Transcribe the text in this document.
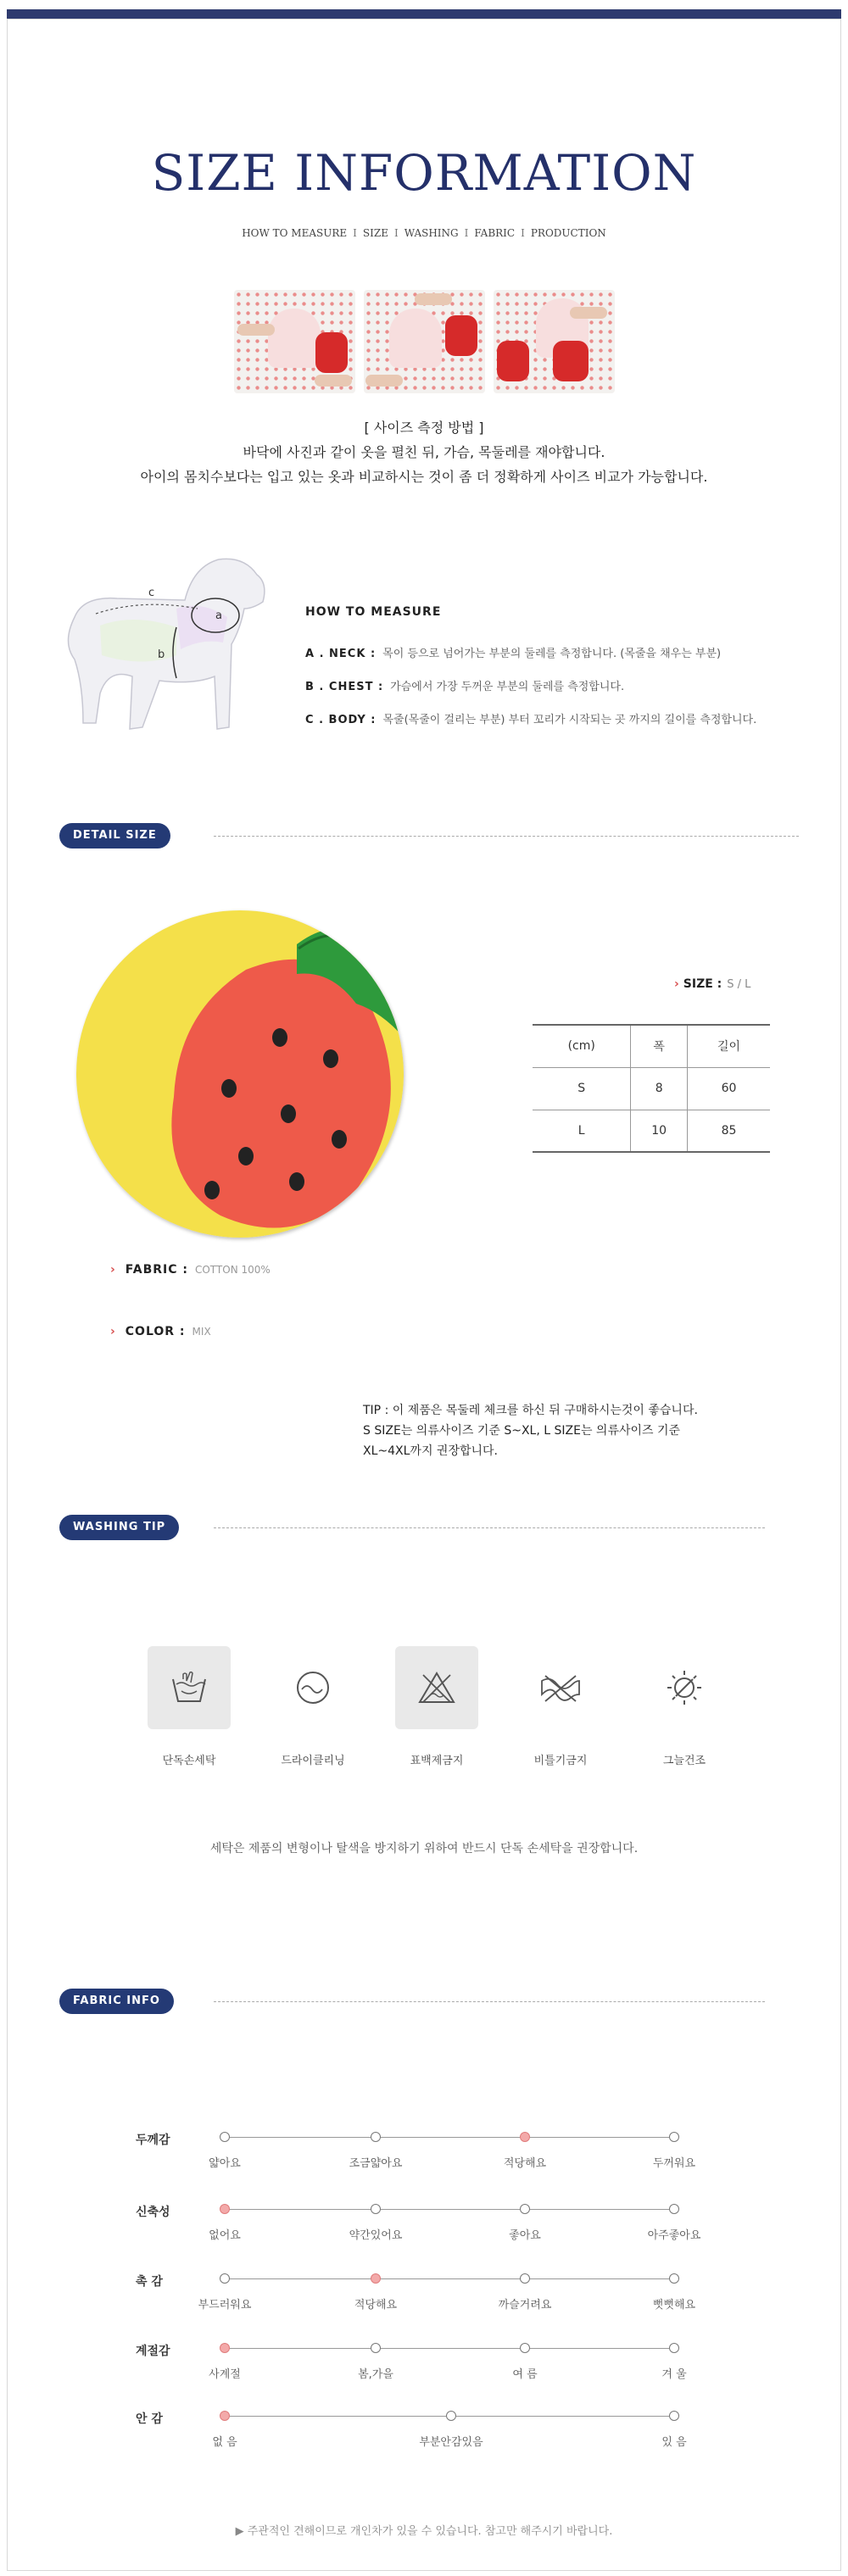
SIZE INFORMATION
HOW TO MEASURE I SIZE I WASHING I FABRIC I PRODUCTION
[ 사이즈 측정 방법 ]
바닥에 사진과 같이 옷을 펼친 뒤, 가슴, 목둘레를 재야합니다.
아이의 몸치수보다는 입고 있는 옷과 비교하시는 것이 좀 더 정확하게 사이즈 비교가 가능합니다.
c
a
b
HOW TO MEASURE
A . NECK : 목이 등으로 넘어가는 부분의 둘레를 측정합니다. (목줄을 채우는 부분)
B . CHEST : 가슴에서 가장 두꺼운 부분의 둘레를 측정합니다.
C . BODY : 목줄(목줄이 걸리는 부분) 부터 꼬리가 시작되는 곳 까지의 길이를 측정합니다.
DETAIL SIZE
› SIZE : S / L
(cm)	폭	길이
S	8	60
L	10	85
› FABRIC : COTTON 100%
› COLOR : MIX
TIP : 이 제품은 목둘레 체크를 하신 뒤 구매하시는것이 좋습니다.
S SIZE는 의류사이즈 기준 S~XL, L SIZE는 의류사이즈 기준
XL~4XL까지 권장합니다.
WASHING TIP
단독손세탁	드라이클리닝	표백제금지	비틀기금지	그늘건조
세탁은 제품의 변형이나 탈색을 방지하기 위하여 반드시 단독 손세탁을 권장합니다.
FABRIC INFO
두께감
얇아요	조금얇아요	적당해요	두꺼워요
신축성
없어요	약간있어요	좋아요	아주좋아요
촉 감
부드러워요	적당해요	까슬거려요	뻣뻣해요
계절감
사계절	봄,가을	여 름	겨 울
안 감
없 음	부분안감있음	있 음
▶ 주관적인 견해이므로 개인차가 있을 수 있습니다. 참고만 해주시기 바랍니다.
